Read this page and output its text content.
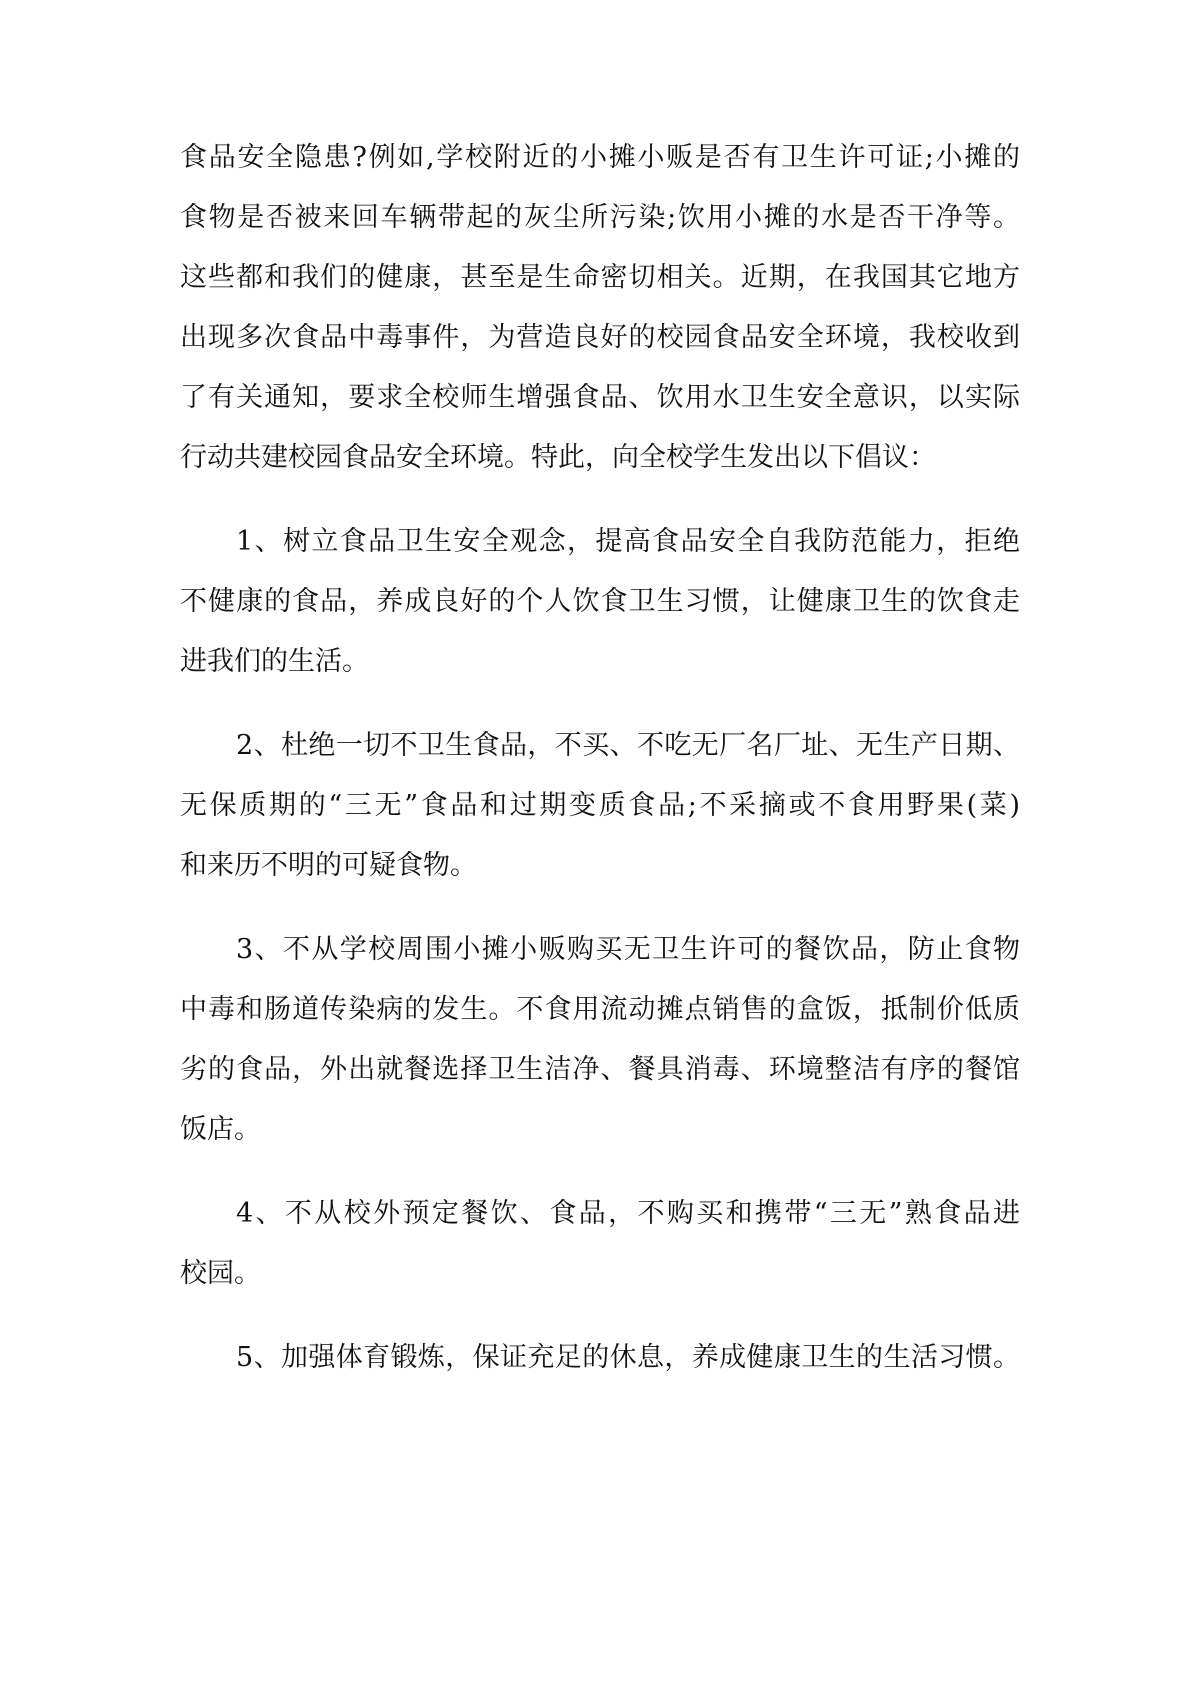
食品安全隐患?例如,学校附近的小摊小贩是否有卫生许可证;小摊的
食物是否被来回车辆带起的灰尘所污染;饮用小摊的水是否干净等。
这些都和我们的健康，甚至是生命密切相关。近期，在我国其它地方
出现多次食品中毒事件，为营造良好的校园食品安全环境，我校收到
了有关通知，要求全校师生增强食品、饮用水卫生安全意识，以实际
行动共建校园食品安全环境。特此，向全校学生发出以下倡议：
1、树立食品卫生安全观念，提高食品安全自我防范能力，拒绝
不健康的食品，养成良好的个人饮食卫生习惯，让健康卫生的饮食走
进我们的生活。
2、杜绝一切不卫生食品，不买、不吃无厂名厂址、无生产日期、
无保质期的“三无”食品和过期变质食品;不采摘或不食用野果(菜)
和来历不明的可疑食物。
3、不从学校周围小摊小贩购买无卫生许可的餐饮品，防止食物
中毒和肠道传染病的发生。不食用流动摊点销售的盒饭，抵制价低质
劣的食品，外出就餐选择卫生洁净、餐具消毒、环境整洁有序的餐馆
饭店。
4、不从校外预定餐饮、食品，不购买和携带“三无”熟食品进
校园。
5、加强体育锻炼，保证充足的休息，养成健康卫生的生活习惯。
